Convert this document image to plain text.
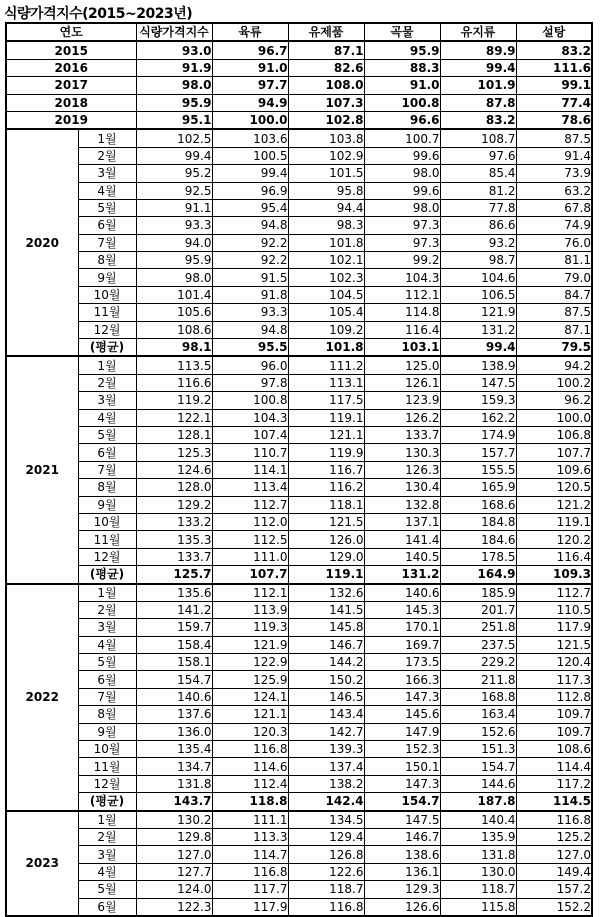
식량가격지수(2015~2023년)
연도		식량가격지수	육류	유제품	곡물	유지류	설탕
2015		93.0	96.7	87.1	95.9	89.9	83.2
2016		91.9	91.0	82.6	88.3	99.4	111.6
2017		98.0	97.7	108.0	91.0	101.9	99.1
2018		95.9	94.9	107.3	100.8	87.8	77.4
2019		95.1	100.0	102.8	96.6	83.2	78.6
2020	1월	102.5	103.6	103.8	100.7	108.7	87.5
	2월	99.4	100.5	102.9	99.6	97.6	91.4
	3월	95.2	99.4	101.5	98.0	85.4	73.9
	4월	92.5	96.9	95.8	99.6	81.2	63.2
	5월	91.1	95.4	94.4	98.0	77.8	67.8
	6월	93.3	94.8	98.3	97.3	86.6	74.9
	7월	94.0	92.2	101.8	97.3	93.2	76.0
	8월	95.9	92.2	102.1	99.2	98.7	81.1
	9월	98.0	91.5	102.3	104.3	104.6	79.0
	10월	101.4	91.8	104.5	112.1	106.5	84.7
	11월	105.6	93.3	105.4	114.8	121.9	87.5
	12월	108.6	94.8	109.2	116.4	131.2	87.1
	(평균)	98.1	95.5	101.8	103.1	99.4	79.5
2021	1월	113.5	96.0	111.2	125.0	138.9	94.2
	2월	116.6	97.8	113.1	126.1	147.5	100.2
	3월	119.2	100.8	117.5	123.9	159.3	96.2
	4월	122.1	104.3	119.1	126.2	162.2	100.0
	5월	128.1	107.4	121.1	133.7	174.9	106.8
	6월	125.3	110.7	119.9	130.3	157.7	107.7
	7월	124.6	114.1	116.7	126.3	155.5	109.6
	8월	128.0	113.4	116.2	130.4	165.9	120.5
	9월	129.2	112.7	118.1	132.8	168.6	121.2
	10월	133.2	112.0	121.5	137.1	184.8	119.1
	11월	135.3	112.5	126.0	141.4	184.6	120.2
	12월	133.7	111.0	129.0	140.5	178.5	116.4
	(평균)	125.7	107.7	119.1	131.2	164.9	109.3
2022	1월	135.6	112.1	132.6	140.6	185.9	112.7
	2월	141.2	113.9	141.5	145.3	201.7	110.5
	3월	159.7	119.3	145.8	170.1	251.8	117.9
	4월	158.4	121.9	146.7	169.7	237.5	121.5
	5월	158.1	122.9	144.2	173.5	229.2	120.4
	6월	154.7	125.9	150.2	166.3	211.8	117.3
	7월	140.6	124.1	146.5	147.3	168.8	112.8
	8월	137.6	121.1	143.4	145.6	163.4	109.7
	9월	136.0	120.3	142.7	147.9	152.6	109.7
	10월	135.4	116.8	139.3	152.3	151.3	108.6
	11월	134.7	114.6	137.4	150.1	154.7	114.4
	12월	131.8	112.4	138.2	147.3	144.6	117.2
	(평균)	143.7	118.8	142.4	154.7	187.8	114.5
2023	1월	130.2	111.1	134.5	147.5	140.4	116.8
	2월	129.8	113.3	129.4	146.7	135.9	125.2
	3월	127.0	114.7	126.8	138.6	131.8	127.0
	4월	127.7	116.8	122.6	136.1	130.0	149.4
	5월	124.0	117.7	118.7	129.3	118.7	157.2
	6월	122.3	117.9	116.8	126.6	115.8	152.2
